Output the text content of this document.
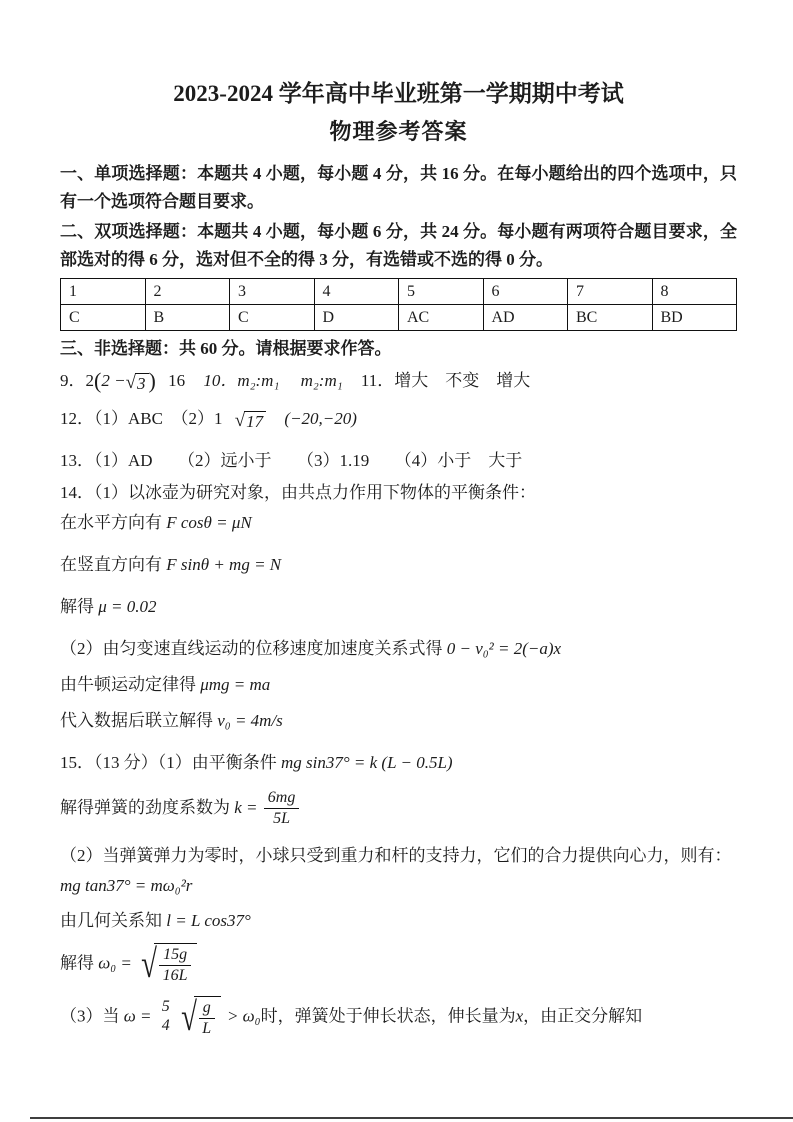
2023-2024 学年高中毕业班第一学期期中考试
物理参考答案

一、单项选择题：本题共 4 小题，每小题 4 分，共 16 分。在每小题给出的四个选项中，只有一个选项符合题目要求。

二、双项选择题：本题共 4 小题，每小题 6 分，共 24 分。每小题有两项符合题目要求，全部选对的得 6 分，选对但不全的得 3 分，有选错或不选的得 0 分。

1	2	3	4	5	6	7	8
C	B	C	D	AC	AD	BC	BD

三、非选择题：共 60 分。请根据要求作答。

9．2(2 − √ 3 ) 16 10．m₂:m₁　 m₂:m₁ 11．增大　不变　增大

12．（1）ABC　（2）1 √ 17 (−20,−20)

13．（1）AD　　（2）远小于　　（3）1.19　　（4）小于　大于

14．（1）以冰壶为研究对象，由共点力作用下物体的平衡条件：

在水平方向有 F cosθ = μN

在竖直方向有 F sinθ + mg = N

解得 μ = 0.02

（2）由匀变速直线运动的位移速度加速度关系式得 0 − v₀² = 2(−a)x

由牛顿运动定律得 μmg = ma

代入数据后联立解得 v₀ = 4m/s

15．（13 分）（1）由平衡条件 mg sin37° = k (L − 0.5L)

解得弹簧的劲度系数为 $k = \frac{6mg}{5L}$

（2）当弹簧弹力为零时，小球只受到重力和杆的支持力，它们的合力提供向心力，则有： mg tan37° = mω₀²r

由几何关系知 l = L cos37°

解得 ω₀ = √ $\frac{15g}{16L}$

（3）当 ω = 5
4 √ $\frac{g}{L} > \omega_0$时，弹簧处于伸长状态，伸长量为x，由正交分解知
